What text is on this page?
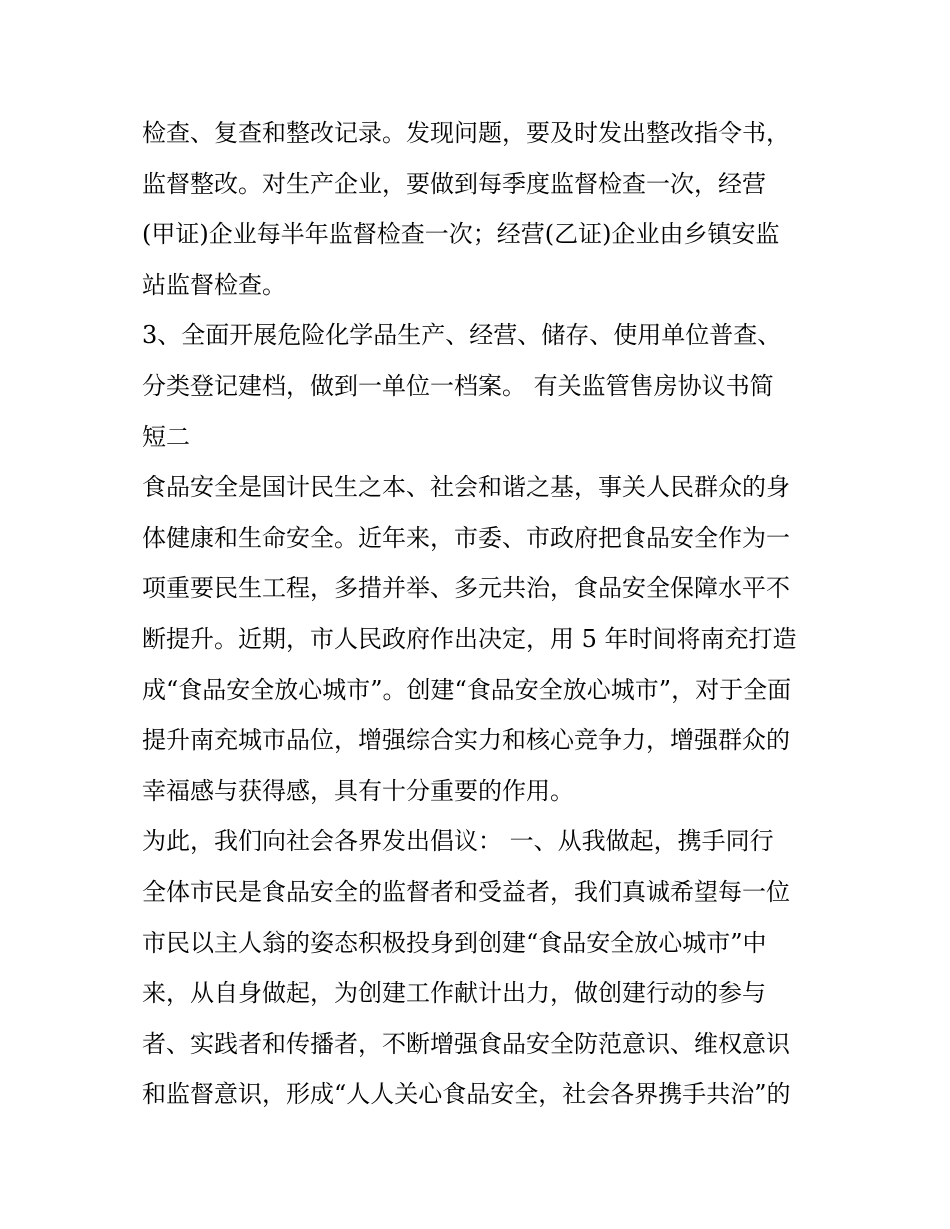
检查、复查和整改记录。发现问题，要及时发出整改指令书，
监督整改。对生产企业，要做到每季度监督检查一次，经营
(甲证)企业每半年监督检查一次；经营(乙证)企业由乡镇安监
站监督检查。
3、全面开展危险化学品生产、经营、储存、使用单位普查、
分类登记建档，做到一单位一档案。 有关监管售房协议书简
短二
食品安全是国计民生之本、社会和谐之基，事关人民群众的身
体健康和生命安全。近年来，市委、市政府把食品安全作为一
项重要民生工程，多措并举、多元共治，食品安全保障水平不
断提升。近期，市人民政府作出决定，用 5 年时间将南充打造
成“食品安全放心城市”。创建“食品安全放心城市”，对于全面
提升南充城市品位，增强综合实力和核心竞争力，增强群众的
幸福感与获得感，具有十分重要的作用。
为此，我们向社会各界发出倡议： 一、从我做起，携手同行
全体市民是食品安全的监督者和受益者，我们真诚希望每一位
市民以主人翁的姿态积极投身到创建“食品安全放心城市”中
来，从自身做起，为创建工作献计出力，做创建行动的参与
者、实践者和传播者，不断增强食品安全防范意识、维权意识
和监督意识，形成“人人关心食品安全，社会各界携手共治”的
